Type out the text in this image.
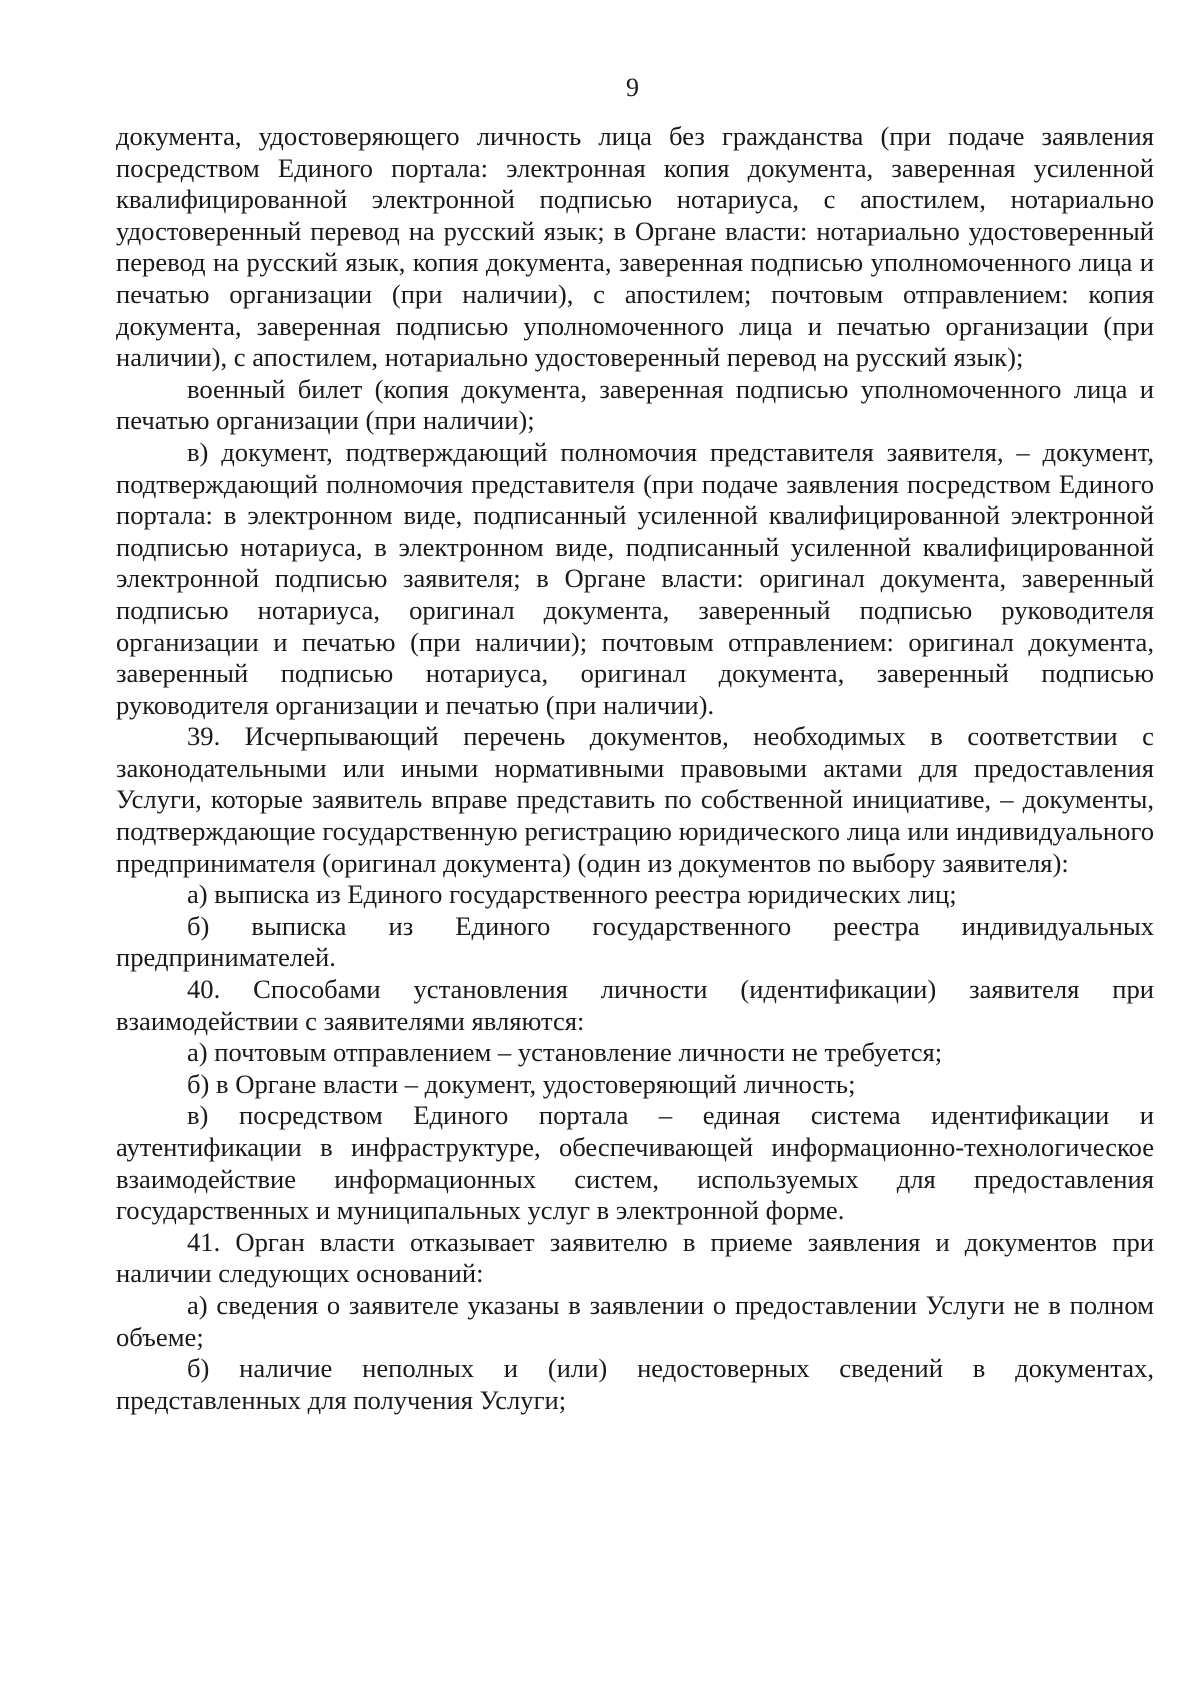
9

документа, удостоверяющего личность лица без гражданства (при подаче заявления посредством Единого портала: электронная копия документа, заверенная усиленной квалифицированной электронной подписью нотариуса, с апостилем, нотариально удостоверенный перевод на русский язык; в Органе власти: нотариально удостоверенный перевод на русский язык, копия документа, заверенная подписью уполномоченного лица и печатью организации (при наличии), с апостилем; почтовым отправлением: копия документа, заверенная подписью уполномоченного лица и печатью организации (при наличии), с апостилем, нотариально удостоверенный перевод на русский язык);

военный билет (копия документа, заверенная подписью уполномоченного лица и печатью организации (при наличии);

в) документ, подтверждающий полномочия представителя заявителя, – документ, подтверждающий полномочия представителя (при подаче заявления посредством Единого портала: в электронном виде, подписанный усиленной квалифицированной электронной подписью нотариуса, в электронном виде, подписанный усиленной квалифицированной электронной подписью заявителя; в Органе власти: оригинал документа, заверенный подписью нотариуса, оригинал документа, заверенный подписью руководителя организации и печатью (при наличии); почтовым отправлением: оригинал документа, заверенный подписью нотариуса, оригинал документа, заверенный подписью руководителя организации и печатью (при наличии).

39. Исчерпывающий перечень документов, необходимых в соответствии с законодательными или иными нормативными правовыми актами для предоставления Услуги, которые заявитель вправе представить по собственной инициативе, – документы, подтверждающие государственную регистрацию юридического лица или индивидуального предпринимателя (оригинал документа) (один из документов по выбору заявителя):

а) выписка из Единого государственного реестра юридических лиц;

б) выписка из Единого государственного реестра индивидуальных предпринимателей.

40. Способами установления личности (идентификации) заявителя при взаимодействии с заявителями являются:

а) почтовым отправлением – установление личности не требуется;

б) в Органе власти – документ, удостоверяющий личность;

в) посредством Единого портала – единая система идентификации и аутентификации в инфраструктуре, обеспечивающей информационно-технологическое взаимодействие информационных систем, используемых для предоставления государственных и муниципальных услуг в электронной форме.

41. Орган власти отказывает заявителю в приеме заявления и документов при наличии следующих оснований:

а) сведения о заявителе указаны в заявлении о предоставлении Услуги не в полном объеме;

б) наличие неполных и (или) недостоверных сведений в документах, представленных для получения Услуги;
